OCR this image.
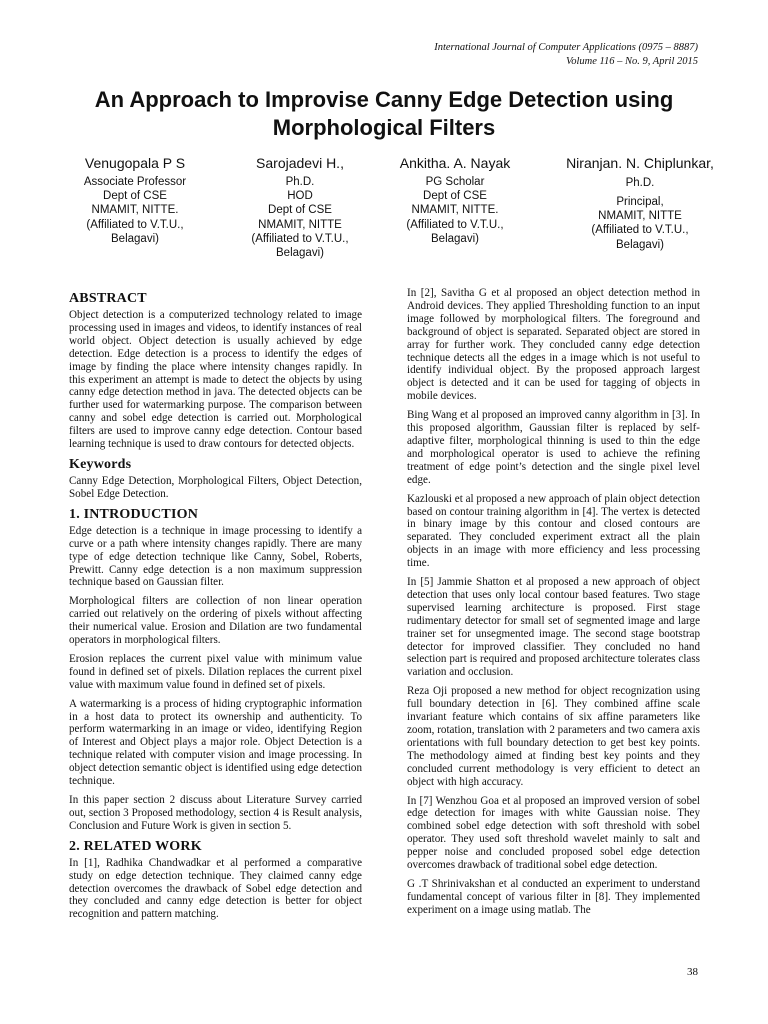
International Journal of Computer Applications (0975 – 8887)
Volume 116 – No. 9, April 2015
An Approach to Improvise Canny Edge Detection using Morphological Filters
Venugopala P S
Associate Professor
Dept of CSE
NMAMIT, NITTE.
(Affiliated to V.T.U.,
Belagavi)
Sarojadevi H.,
Ph.D.
HOD
Dept of CSE
NMAMIT, NITTE
(Affiliated to V.T.U.,
Belagavi)
Ankitha. A. Nayak
PG Scholar
Dept of CSE
NMAMIT, NITTE.
(Affiliated to V.T.U.,
Belagavi)
Niranjan. N. Chiplunkar, Ph.D.
Principal,
NMAMIT, NITTE
(Affiliated to V.T.U.,
Belagavi)
ABSTRACT

Object detection is a computerized technology related to image processing used in images and videos, to identify instances of real world object. Object detection is usually achieved by edge detection. Edge detection is a process to identify the edges of image by finding the place where intensity changes rapidly. In this experiment an attempt is made to detect the objects by using canny edge detection method in java. The detected objects can be further used for watermarking purpose. The comparison between canny and sobel edge detection is carried out. Morphological filters are used to improve canny edge detection. Contour based learning technique is used to draw contours for detected objects.

Keywords

Canny Edge Detection, Morphological Filters, Object Detection, Sobel Edge Detection.

1. INTRODUCTION

Edge detection is a technique in image processing to identify a curve or a path where intensity changes rapidly. There are many type of edge detection technique like Canny, Sobel, Roberts, Prewitt. Canny edge detection is a non maximum suppression technique based on Gaussian filter.

Morphological filters are collection of non linear operation carried out relatively on the ordering of pixels without affecting their numerical value. Erosion and Dilation are two fundamental operators in morphological filters.

Erosion replaces the current pixel value with minimum value found in defined set of pixels. Dilation replaces the current pixel value with maximum value found in defined set of pixels.

A watermarking is a process of hiding cryptographic information in a host data to protect its ownership and authenticity. To perform watermarking in an image or video, identifying Region of Interest and Object plays a major role. Object Detection is a technique related with computer vision and image processing. In object detection semantic object is identified using edge detection technique.

In this paper section 2 discuss about Literature Survey carried out, section 3 Proposed methodology, section 4 is Result analysis, Conclusion and Future Work is given in section 5.

2. RELATED WORK

In [1], Radhika Chandwadkar et al performed a comparative study on edge detection technique. They claimed canny edge detection overcomes the drawback of Sobel edge detection and they concluded and canny edge detection is better for object recognition and pattern matching.

In [2], Savitha G et al proposed an object detection method in Android devices. They applied Thresholding function to an input image followed by morphological filters. The foreground and background of object is separated. Separated object are stored in array for further work. They concluded canny edge detection technique detects all the edges in a image which is not useful to identify individual object. By the proposed approach largest object is detected and it can be used for tagging of objects in mobile devices.

Bing Wang et al proposed an improved canny algorithm in [3]. In this proposed algorithm, Gaussian filter is replaced by self-adaptive filter, morphological thinning is used to thin the edge and morphological operator is used to achieve the refining treatment of edge point’s detection and the single pixel level edge.

Kazlouski et al proposed a new approach of plain object detection based on contour training algorithm in [4]. The vertex is detected in binary image by this contour and closed contours are separated. They concluded experiment extract all the plain objects in an image with more efficiency and less processing time.

In [5] Jammie Shatton et al proposed a new approach of object detection that uses only local contour based features. Two stage supervised learning architecture is proposed. First stage rudimentary detector for small set of segmented image and large trainer set for unsegmented image. The second stage bootstrap detector for improved classifier. They concluded no hand selection part is required and proposed architecture tolerates class variation and occlusion.

Reza Oji proposed a new method for object recognization using full boundary detection in [6]. They combined affine scale invariant feature which contains of six affine parameters like zoom, rotation, translation with 2 parameters and two camera axis orientations with full boundary detection to get best key points. The methodology aimed at finding best key points and they concluded current methodology is very efficient to detect an object with high accuracy.

In [7] Wenzhou Goa et al proposed an improved version of sobel edge detection for images with white Gaussian noise. They combined sobel edge detection with soft threshold with sobel operator. They used soft threshold wavelet mainly to salt and pepper noise and concluded proposed sobel edge detection overcomes drawback of traditional sobel edge detection.

G .T Shrinivakshan et al conducted an experiment to understand fundamental concept of various filter in [8]. They implemented experiment on a image using matlab. The

38
